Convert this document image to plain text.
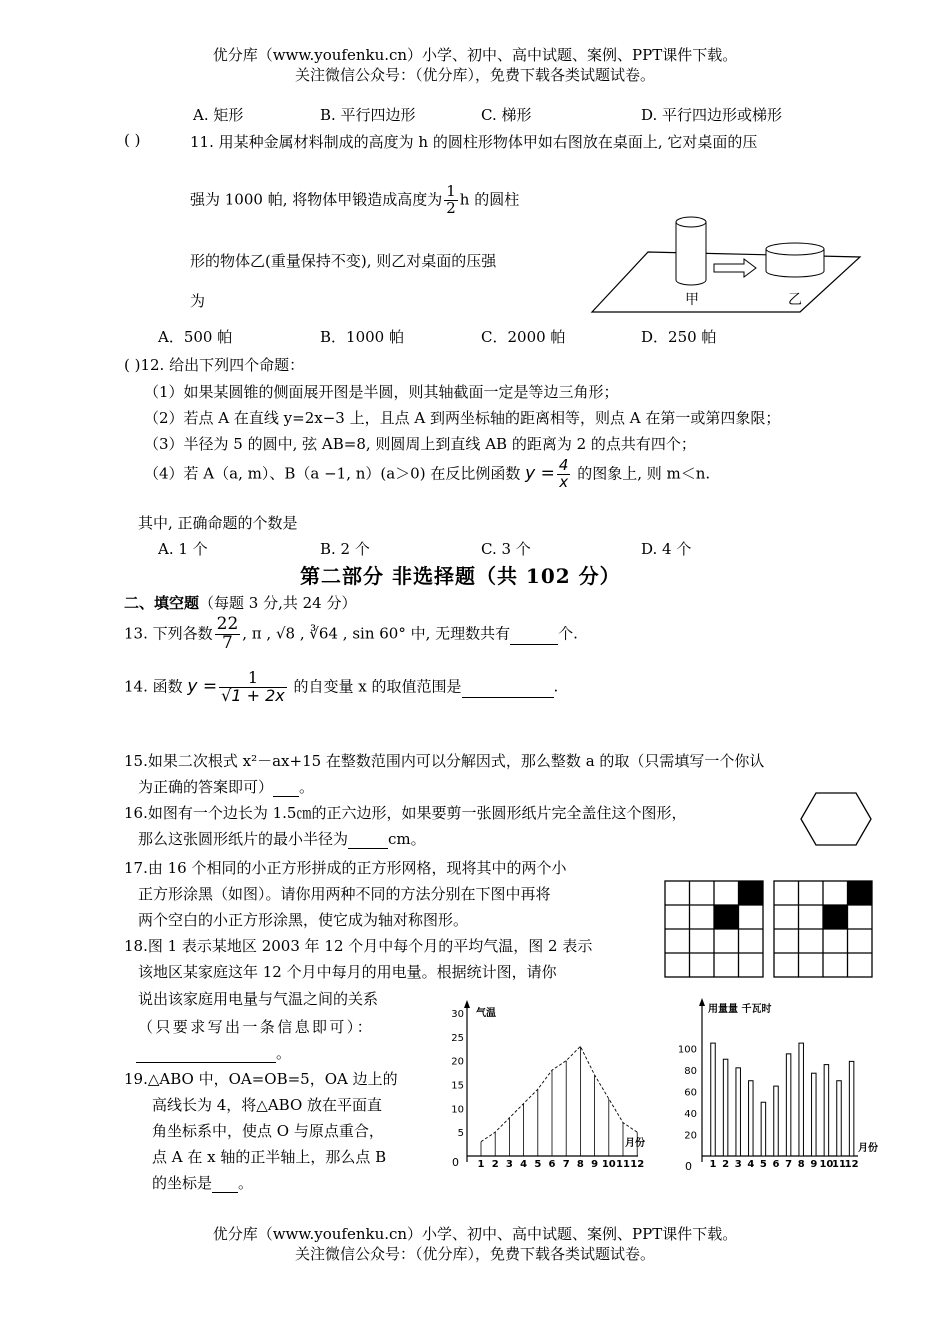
优分库（www.youfenku.cn）小学、初中、高中试题、案例、PPT课件下载。
关注微信公众号：（优分库），免费下载各类试题试卷。
A. 矩形	B. 平行四边形	C. 梯形	D. 平行四边形或梯形
( )	11. 用某种金属材料制成的高度为 h 的圆柱形物体甲如右图放在桌面上, 它对桌面的压
强为 1000 帕, 将物体甲锻造成高度为 $\frac{1}{2}$ h 的圆柱
形的物体乙(重量保持不变), 则乙对桌面的压强
为	甲	乙
A．500 帕	B．1000 帕	C．2000 帕	D．250 帕
( )12. 给出下列四个命题：
（1）如果某圆锥的侧面展开图是半圆，则其轴截面一定是等边三角形；
（2）若点 A 在直线 y=2x−3 上，且点 A 到两坐标轴的距离相等，则点 A 在第一或第四象限；
（3）半径为 5 的圆中, 弦 AB=8, 则圆周上到直线 AB 的距离为 2 的点共有四个；
（4）若 A（a, m）、B（a −1, n）(a＞0) 在反比例函数 $y = \frac{4}{x}$ 的图象上, 则 m＜n.
其中, 正确命题的个数是
A. 1 个	B. 2 个	C. 3 个	D. 4 个
第二部分 非选择题（共 102 分）
二、填空题（每题 3 分,共 24 分）
13. 下列各数 $\frac{22}{7}$ , π , √8 , ∛64 , sin 60° 中, 无理数共有	个.
14. 函数 $y = \frac{1}{√1 + 2x}$ 的自变量 x 的取值范围是	.
15.如果二次根式 x²－ax+15 在整数范围内可以分解因式，那么整数 a 的取（只需填写一个你认
为正确的答案即可） 。
16.如图有一个边长为 1.5㎝的正六边形，如果要剪一张圆形纸片完全盖住这个图形，
那么这张圆形纸片的最小半径为	cm。
17.由 16 个相同的小正方形拼成的正方形网格，现将其中的两个小
正方形涂黑（如图）。请你用两种不同的方法分别在下图中再将
两个空白的小正方形涂黑，使它成为轴对称图形。
18.图 1 表示某地区 2003 年 12 个月中每个月的平均气温，图 2 表示
该地区某家庭这年 12 个月中每月的用电量。根据统计图，请你
说出该家庭用电量与气温之间的关系
（只要求写出一条信息即可）：
。
19.△ABO 中，OA=OB=5，OA 边上的
高线长为 4，将△ABO 放在平面直
角坐标系中，使点 O 与原点重合，
点 A 在 x 轴的正半轴上，那么点 B
的坐标是 。
气温
月份
0
5
10
15
20
25
30
1 2 3 4 5 6 7 8 9 10 11 12
用量量 千瓦时
月份
0
20
40
60
80
100
1 2 3 4 5 6 7 8 9 10
11
12
优分库（www.youfenku.cn）小学、初中、高中试题、案例、PPT课件下载。
关注微信公众号：（优分库），免费下载各类试题试卷。
